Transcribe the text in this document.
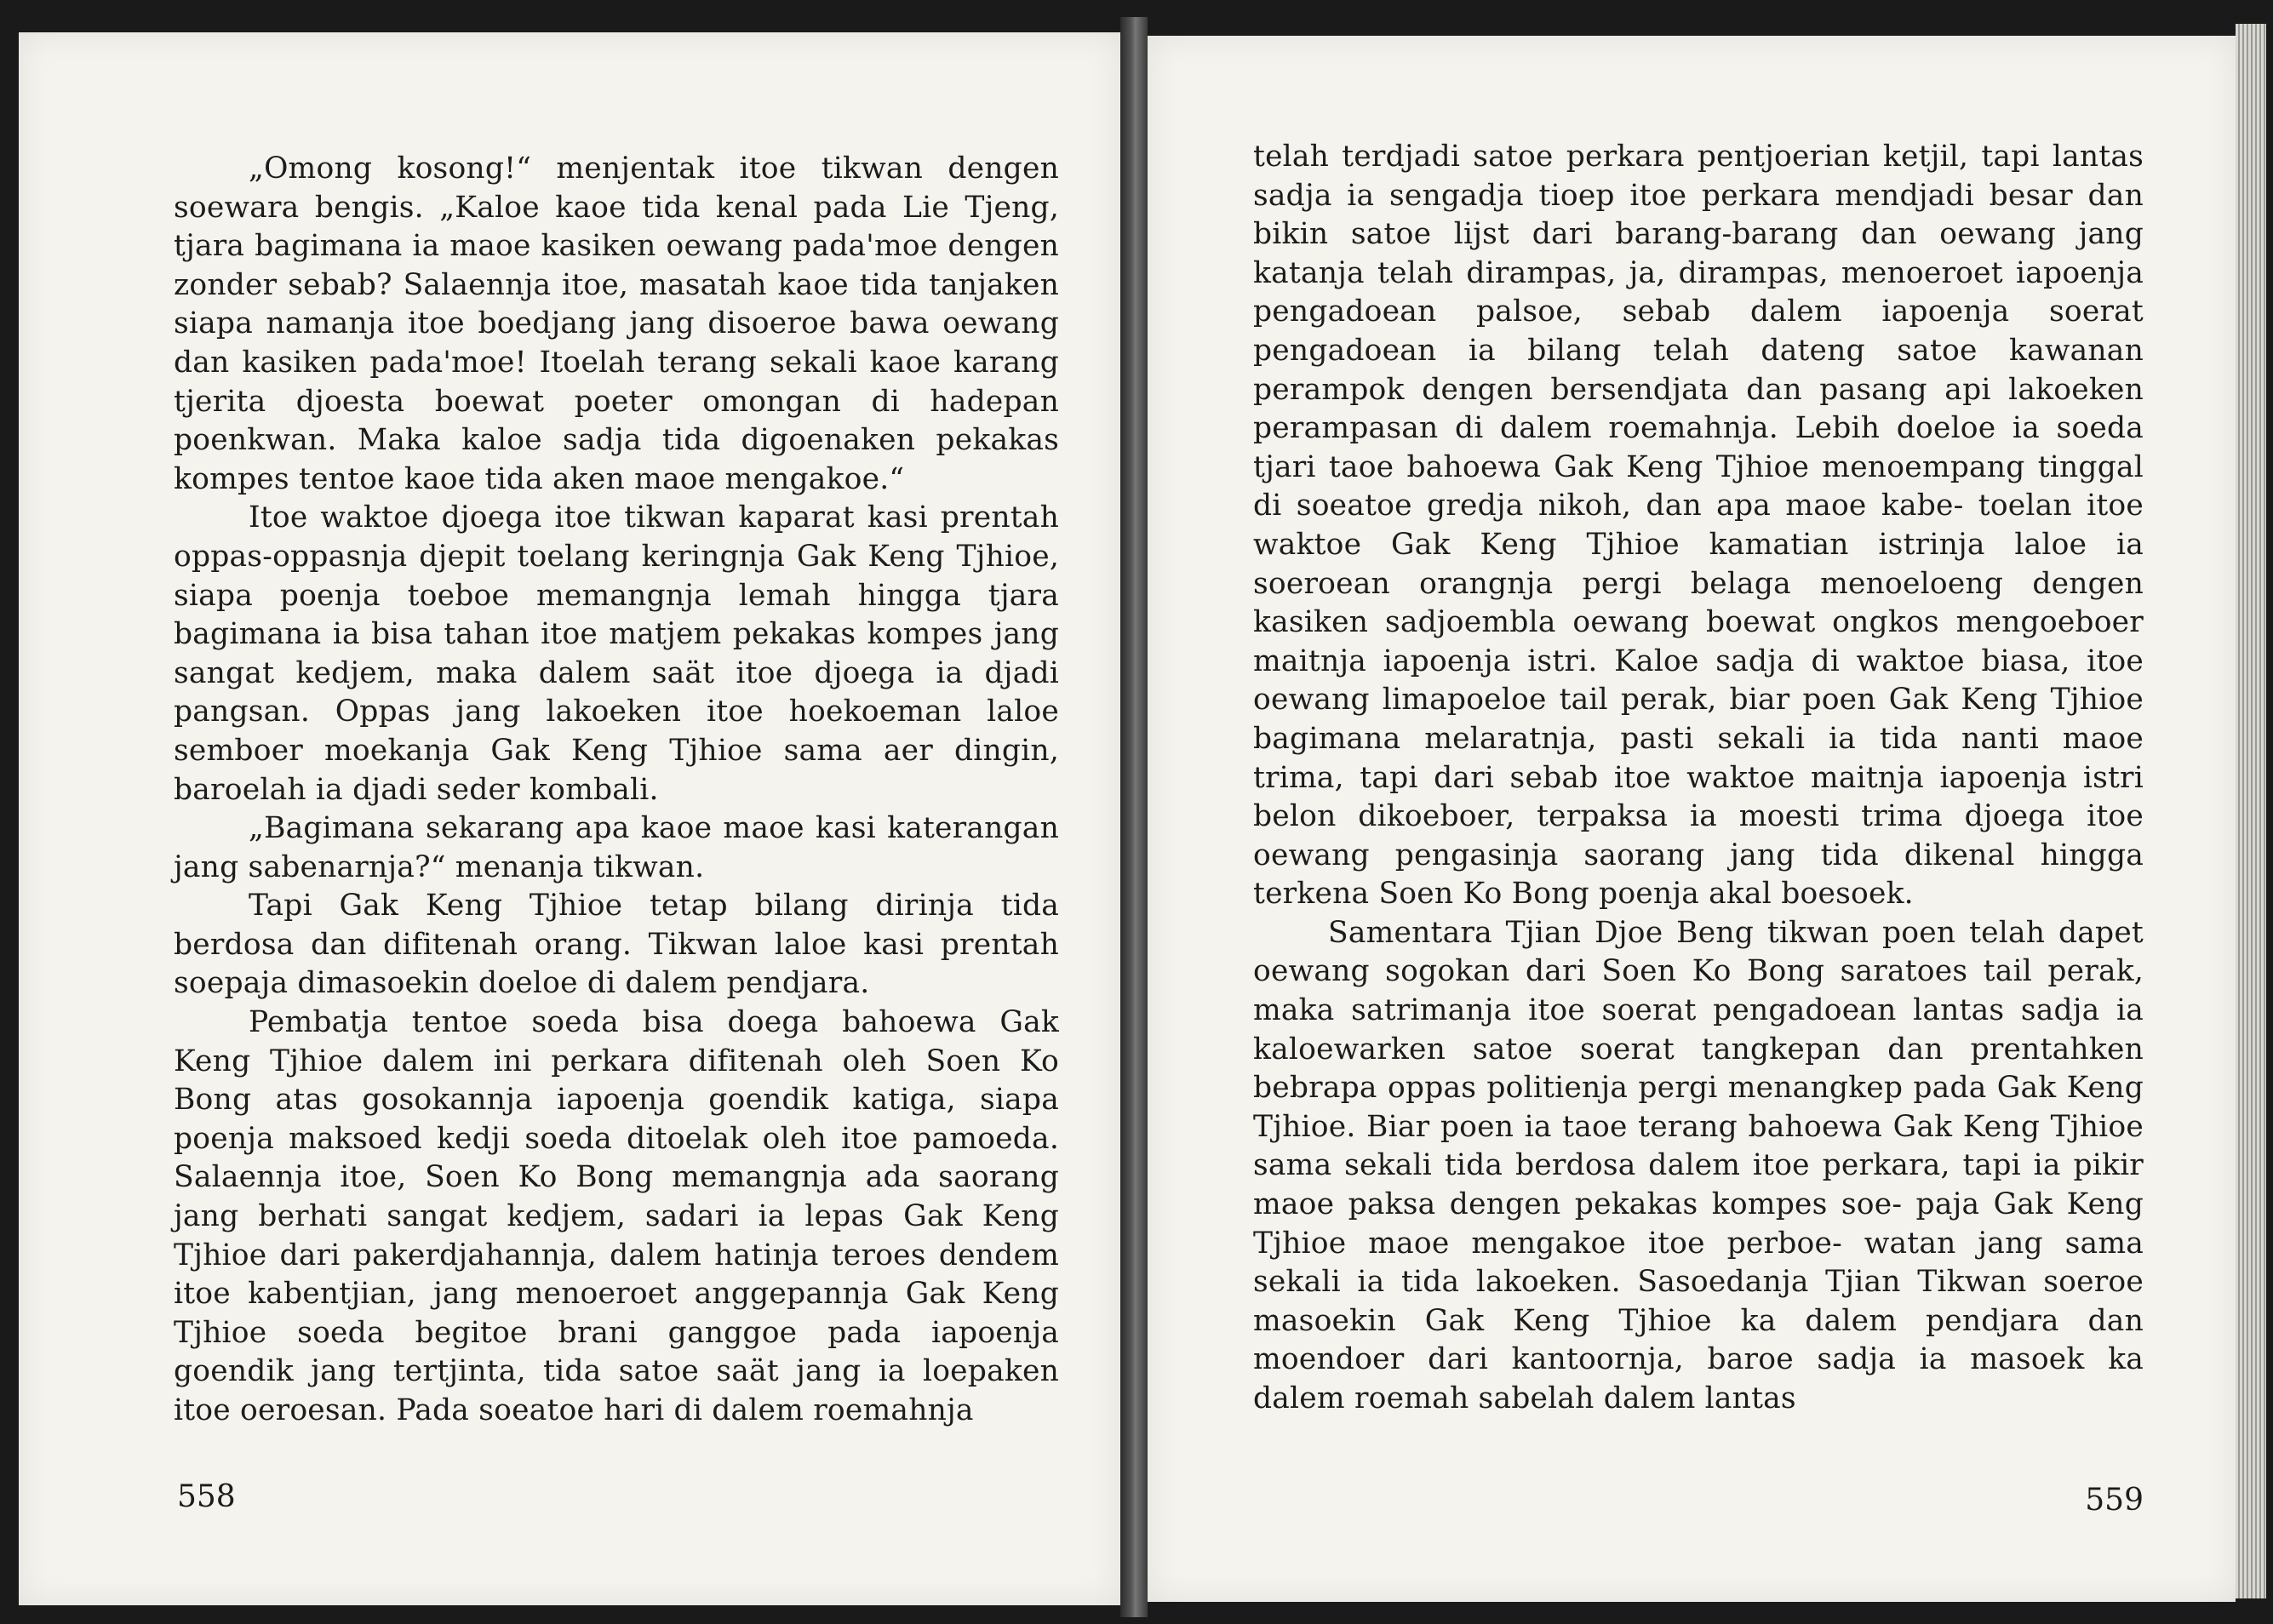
„Omong kosong!“ menjentak itoe tikwan dengen soewara bengis. „Kaloe kaoe tida kenal pada Lie Tjeng, tjara bagimana ia maoe kasiken oewang pada'moe dengen zonder sebab? Salaennja itoe, masatah kaoe tida tanjaken siapa namanja itoe boedjang jang disoeroe bawa oewang dan kasiken pada'moe! Itoelah terang sekali kaoe karang tjerita djoesta boewat poeter omongan di hadepan poenkwan. Maka kaloe sadja tida digoenaken pekakas kompes tentoe kaoe tida aken maoe mengakoe.“

Itoe waktoe djoega itoe tikwan kaparat kasi prentah oppas-oppasnja djepit toelang keringnja Gak Keng Tjhioe, siapa poenja toeboe memangnja lemah hingga tjara bagimana ia bisa tahan itoe matjem pekakas kompes jang sangat kedjem, maka dalem saät itoe djoega ia djadi pangsan. Oppas jang lakoeken itoe hoekoeman laloe semboer moekanja Gak Keng Tjhioe sama aer dingin, baroelah ia djadi seder kombali.

„Bagimana sekarang apa kaoe maoe kasi katerangan jang sabenarnja?“ menanja tikwan.

Tapi Gak Keng Tjhioe tetap bilang dirinja tida berdosa dan difitenah orang. Tikwan laloe kasi prentah soepaja dimasoekin doeloe di dalem pendjara.

Pembatja tentoe soeda bisa doega bahoewa Gak Keng Tjhioe dalem ini perkara difitenah oleh Soen Ko Bong atas gosokannja iapoenja goendik katiga, siapa poenja maksoed kedji soeda ditoelak oleh itoe pamoeda. Salaennja itoe, Soen Ko Bong memangnja ada saorang jang berhati sangat kedjem, sadari ia lepas Gak Keng Tjhioe dari pakerdjahannja, dalem hatinja teroes dendem itoe kabentjian, jang menoeroet anggepannja Gak Keng Tjhioe soeda begitoe brani ganggoe pada iapoenja goendik jang tertjinta, tida satoe saät jang ia loepaken itoe oeroesan. Pada soeatoe hari di dalem roemahnja

558

telah terdjadi satoe perkara pentjoerian ketjil, tapi lantas sadja ia sengadja tioep itoe perkara mendjadi besar dan bikin satoe lijst dari barang-barang dan oewang jang katanja telah dirampas, ja, dirampas, menoeroet iapoenja pengadoean palsoe, sebab dalem iapoenja soerat pengadoean ia bilang telah dateng satoe kawanan perampok dengen bersendjata dan pasang api lakoeken perampasan di dalem roemahnja. Lebih doeloe ia soeda tjari taoe bahoewa Gak Keng Tjhioe menoempang tinggal di soeatoe gredja nikoh, dan apa maoe kabe- toelan itoe waktoe Gak Keng Tjhioe kamatian istrinja laloe ia soeroean orangnja pergi belaga menoeloeng dengen kasiken sadjoembla oewang boewat ongkos mengoeboer maitnja iapoenja istri. Kaloe sadja di waktoe biasa, itoe oewang limapoeloe tail perak, biar poen Gak Keng Tjhioe bagimana melaratnja, pasti sekali ia tida nanti maoe trima, tapi dari sebab itoe waktoe maitnja iapoenja istri belon dikoeboer, terpaksa ia moesti trima djoega itoe oewang pengasinja saorang jang tida dikenal hingga terkena Soen Ko Bong poenja akal boesoek.

Samentara Tjian Djoe Beng tikwan poen telah dapet oewang sogokan dari Soen Ko Bong saratoes tail perak, maka satrimanja itoe soerat pengadoean lantas sadja ia kaloewarken satoe soerat tangkepan dan prentahken bebrapa oppas politienja pergi menangkep pada Gak Keng Tjhioe. Biar poen ia taoe terang bahoewa Gak Keng Tjhioe sama sekali tida berdosa dalem itoe perkara, tapi ia pikir maoe paksa dengen pekakas kompes soe- paja Gak Keng Tjhioe maoe mengakoe itoe perboe- watan jang sama sekali ia tida lakoeken. Sasoedanja Tjian Tikwan soeroe masoekin Gak Keng Tjhioe ka dalem pendjara dan moendoer dari kantoornja, baroe sadja ia masoek ka dalem roemah sabelah dalem lantas

559
